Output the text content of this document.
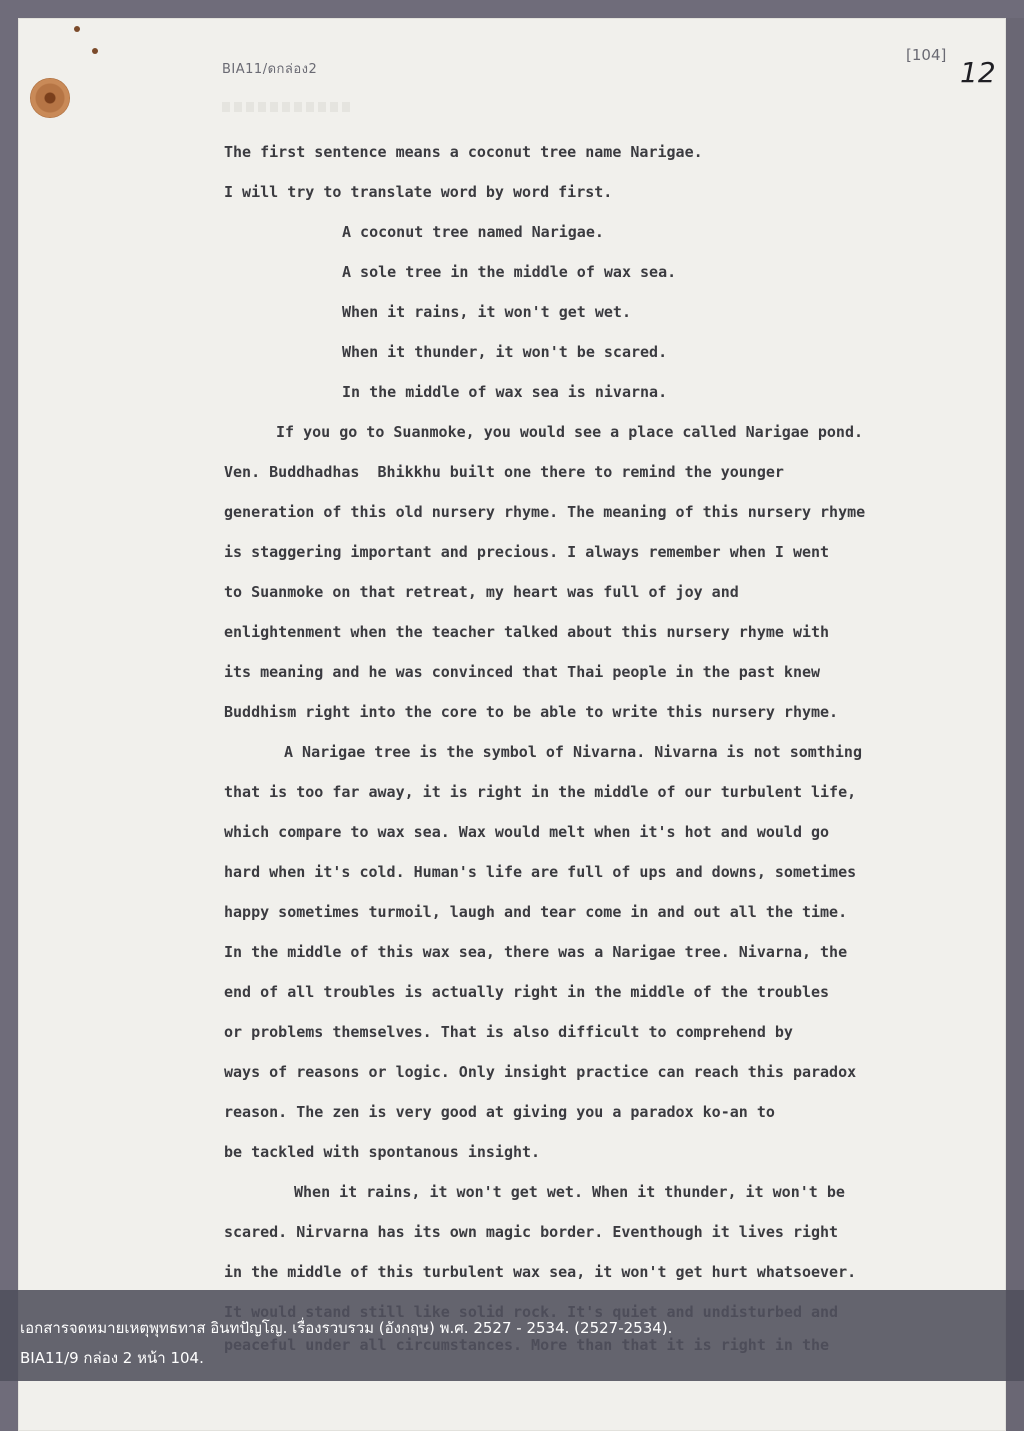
BIA11/ดกล่อง2
[104]
12
The first sentence means a coconut tree name Narigae.
I will try to translate word by word first.
A coconut tree named Narigae.
A sole tree in the middle of wax sea.
When it rains, it won't get wet.
When it thunder, it won't be scared.
In the middle of wax sea is nivarna.
If you go to Suanmoke, you would see a place called Narigae pond.
Ven. Buddhadhas  Bhikkhu built one there to remind the younger
generation of this old nursery rhyme. The meaning of this nursery rhyme
is staggering important and precious. I always remember when I went
to Suanmoke on that retreat, my heart was full of joy and
enlightenment when the teacher talked about this nursery rhyme with
its meaning and he was convinced that Thai people in the past knew
Buddhism right into the core to be able to write this nursery rhyme.
A Narigae tree is the symbol of Nivarna. Nivarna is not somthing
that is too far away, it is right in the middle of our turbulent life,
which compare to wax sea. Wax would melt when it's hot and would go
hard when it's cold. Human's life are full of ups and downs, sometimes
happy sometimes turmoil, laugh and tear come in and out all the time.
In the middle of this wax sea, there was a Narigae tree. Nivarna, the
end of all troubles is actually right in the middle of the troubles
or problems themselves. That is also difficult to comprehend by
ways of reasons or logic. Only insight practice can reach this paradox
reason. The zen is very good at giving you a paradox ko-an to
be tackled with spontanous insight.
When it rains, it won't get wet. When it thunder, it won't be
scared. Nirvarna has its own magic border. Eventhough it lives right
in the middle of this turbulent wax sea, it won't get hurt whatsoever.
เอกสารจดหมายเหตุพุทธทาส อินทปัญโญ. เรื่องรวบรวม (อังกฤษ) พ.ศ. 2527 - 2534. (2527-2534).
BIA11/9 กล่อง 2 หน้า 104.
